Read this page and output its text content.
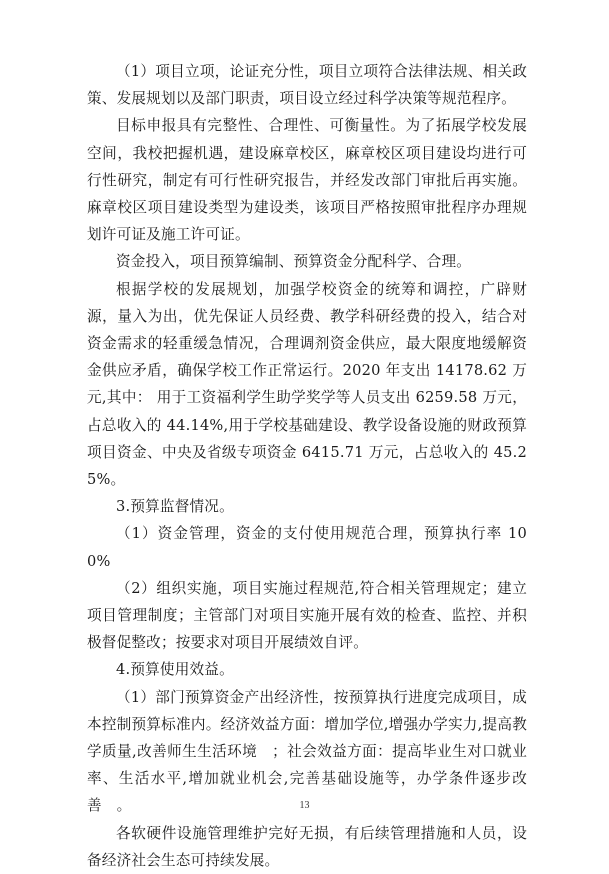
（1）项目立项，论证充分性，项目立项符合法律法规、相关政策、发展规划以及部门职责，项目设立经过科学决策等规范程序。

目标申报具有完整性、合理性、可衡量性。为了拓展学校发展空间，我校把握机遇，建设麻章校区，麻章校区项目建设均进行可行性研究，制定有可行性研究报告，并经发改部门审批后再实施。麻章校区项目建设类型为建设类，该项目严格按照审批程序办理规划许可证及施工许可证。

资金投入，项目预算编制、预算资金分配科学、合理。

根据学校的发展规划，加强学校资金的统筹和调控，广辟财源，量入为出，优先保证人员经费、教学科研经费的投入，结合对资金需求的轻重缓急情况，合理调剂资金供应，最大限度地缓解资金供应矛盾，确保学校工作正常运行。2020 年支出 14178.62 万元,其中： 用于工资福利学生助学奖学等人员支出 6259.58 万元，占总收入的 44.14%,用于学校基础建设、教学设备设施的财政预算项目资金、中央及省级专项资金 6415.71 万元，占总收入的 45.25%。

3.预算监督情况。

（1）资金管理，资金的支付使用规范合理，预算执行率 100%

（2）组织实施，项目实施过程规范,符合相关管理规定；建立项目管理制度；主管部门对项目实施开展有效的检查、监控、并积极督促整改；按要求对项目开展绩效自评。

4.预算使用效益。

（1）部门预算资金产出经济性，按预算执行进度完成项目，成本控制预算标准内。经济效益方面：增加学位,增强办学实力,提高教学质量,改善师生生活环境　；社会效益方面：提高毕业生对口就业率、生活水平,增加就业机会,完善基础设施等，办学条件逐步改善　。

各软硬件设施管理维护完好无损，有后续管理措施和人员，设备经济社会生态可持续发展。

13
